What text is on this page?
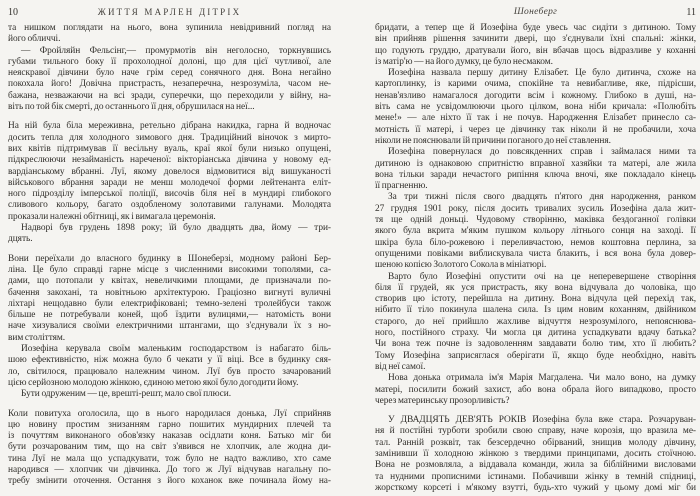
10	ЖИТТЯ МАРЛЕН ДІТРІХ
та нишком поглядати на нього, вона зупинила невідривний погляд на
його обличчі.
— Фройляйн Фельсінг,— промурмотів він неголосно, торкнувшись
губами тильного боку її прохолодної долоні, що для цієї чутливої, але
неяскравої дівчини було наче грім серед сонячного дня. Вона негайно
покохала його! Довічна пристрасть, незаперечна, незрозуміла, часом не-
бажана, незважаючи на всі зради, суперечки, що переходили у війну, на-
віть по той бік смерті, до останнього її дня, обрушилася на неї...
На ній була біла мереживна, ретельно дібрана накидка, гарна й водночас
досить тепла для холодного зимового дня. Традиційний віночок з мирто-
вих квітів підтримував її весільну вуаль, краї якої були низько опущені,
підкреслюючи незайманість нареченої: вікторіанська дівчина у новому ед-
вардіанському вбранні. Луї, якому довелося відмовитися від вишуканості
військового вбрання заради не менш молодечої форми лейтенанта еліт-
ного підрозділу імперської поліції, височів біля неї в мундирі глибокого
сливового кольору, багато оздобленому золотавими галунами. Молодята
проказали належні обітниці, як і вимагала церемонія.
Надворі був грудень 1898 року; їй було двадцять два, йому — три-
дцять.
Вони переїхали до власного будинку в Шонеберзі, модному районі Бер-
ліна. Це було справді гарне місце з численними високими тополями, са-
дами, що потопали у квітах, невеличкими площами, де призначали по-
бачення закохані, та новітньою архітектурою. Граціозно вигнуті вуличні
ліхтарі нещодавно були електрифіковані; темно-зелені тролейбуси також
більше не потребували коней, щоб їздити вулицями,— натомість вони
наче хизувалися своїми електричними штангами, що з'єднували їх з но-
вим століттям.
Йозефіна керувала своїм маленьким господарством із набагато біль-
шою ефективністю, ніж можна було б чекати у її віці. Все в будинку сяя-
ло, світилося, працювало належним чином. Луї був просто зачарований
цією серйозною молодою жінкою, єдиною метою якої було догодити йому.
Бути одруженим — це, врешті-решт, мало свої плюси.
Коли повитуха оголосила, що в нього народилася донька, Луї сприйняв
цю новину простим знизанням гарно пошитих мундирних плечей та
із почуттям виконаного обов'язку наказав осідлати коня. Батько міг би
бути розчарованим тим, що на світ з'явився не хлопчик, але жодна ди-
тина Луї не мала що успадкувати, тож було не надто важливо, хто саме
народився — хлопчик чи дівчинка. До того ж Луї відчував нагальну по-
требу змінити оточення. Остання з його коханок вже починала йому на-
Шонеберг	11
бридати, а тепер ще й Йозефіна буде увесь час сидіти з дитиною. Тому
він прийняв рішення зачинити двері, що з'єднували їхні спальні: жінки,
що годують груддю, дратували його, він вбачав щось відразливе у коханні
із матір'ю — на його думку, це було несмаком.
Йозефіна назвала першу дитину Елізабет. Це було дитинча, схоже на
картоплинку, із карими очима, спокійне та невибагливе, яке, підрісши,
ненав'язливо намагалося догодити всім і кожному. Глибоко в душі, на-
віть сама не усвідомлюючи цього цілком, вона ніби кричала: «Полюбіть
мене!» — але ніхто її так і не почув. Народження Елізабет принесло са-
мотність її матері, і через це дівчинку так ніколи й не пробачили, хоча
ніколи не пояснювали їй причини поганого до неї ставлення.
Йозефіна повернулася до повсякденних справ і займалася ними та
дитиною із однаковою спритністю вправної хазяйки та матері, але жила
вона тільки заради нечастого рипіння ключа вночі, яке покладало кінець
її прагненню.
За три тижні після свого двадцять п'ятого дня народження, ранком
27 грудня 1901 року, після досить тривалих зусиль Йозефіна дала жит-
тя ще одній доньці. Чудовому створінню, маківка бездоганної голівки
якого була вкрита м'яким пушком кольору літнього сонця на заході. Її
шкіра була біло-рожевою і переливчастою, немов коштовна перлина, за
опущеними повіками виблискувала чиста блакить, і вся вона була довер-
шеною копією Золотого Сокола в мініатюрі.
Варто було Йозефіні опустити очі на це неперевершене створіння
біля її грудей, як уся пристрасть, яку вона відчувала до чоловіка, що
створив цю істоту, перейшла на дитину. Вона відчула цей перехід так,
нібито її тіло покинула шалена сила. Із цим новим коханням, двійником
старого, до неї прийшло жахливе відчуття незрозумілого, непояснюва-
ного, постійного страху. Чи могла ця дитина успадкувати вдачу батька?
Чи вона теж почне із задоволенням завдавати болю тим, хто її любить?
Тому Йозефіна заприсяглася оберігати її, якщо буде необхідно, навіть
від неї самої.
Нова донька отримала ім'я Марія Магдалена. Чи мало воно, на думку
матері, посилити божий захист, або вона обрала його випадково, просто
через материнську прозорливість?
У ДВАДЦЯТЬ ДЕВ'ЯТЬ РОКІВ Йозефіна була вже стара. Розчаруван-
ня й постійні турботи зробили свою справу, наче корозія, що вразила ме-
тал. Ранній розквіт, так безсердечно обірваний, знищив молоду дівчину,
замінивши її холодною жінкою з твердими принципами, досить стоїчною.
Вона не розмовляла, а віддавала команди, жила за біблійними висловами
та нудними прописними істинами. Побачивши жінку в темній спідниці,
жорсткому корсеті і м'якому взутті, будь-хто чужий у цьому домі міг би
